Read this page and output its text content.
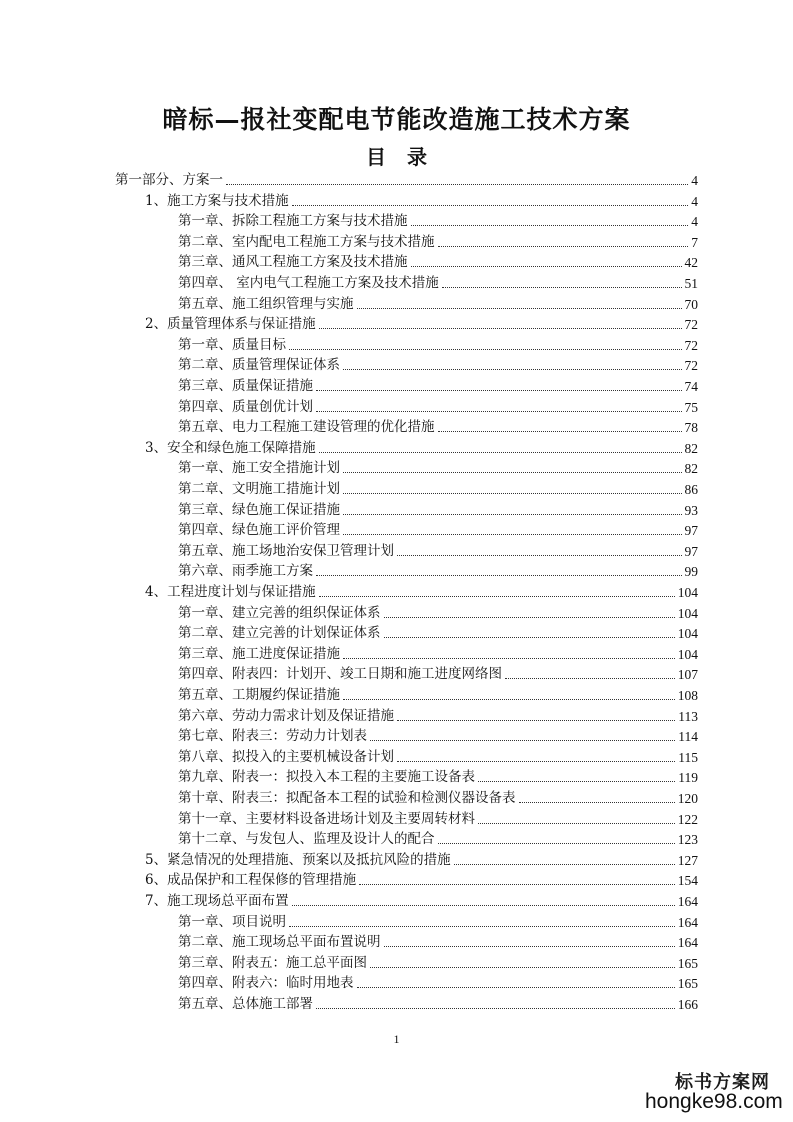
暗标—报社变配电节能改造施工技术方案
目 录
第一部分、方案一	4
1、施工方案与技术措施	4
第一章、拆除工程施工方案与技术措施	4
第二章、室内配电工程施工方案与技术措施	7
第三章、通风工程施工方案及技术措施	42
第四章、 室内电气工程施工方案及技术措施	51
第五章、施工组织管理与实施	70
2、质量管理体系与保证措施	72
第一章、质量目标	72
第二章、质量管理保证体系	72
第三章、质量保证措施	74
第四章、质量创优计划	75
第五章、电力工程施工建设管理的优化措施	78
3、安全和绿色施工保障措施	82
第一章、施工安全措施计划	82
第二章、文明施工措施计划	86
第三章、绿色施工保证措施	93
第四章、绿色施工评价管理	97
第五章、施工场地治安保卫管理计划	97
第六章、雨季施工方案	99
4、工程进度计划与保证措施	104
第一章、建立完善的组织保证体系	104
第二章、建立完善的计划保证体系	104
第三章、施工进度保证措施	104
第四章、附表四：计划开、竣工日期和施工进度网络图	107
第五章、工期履约保证措施	108
第六章、劳动力需求计划及保证措施	113
第七章、附表三：劳动力计划表	114
第八章、拟投入的主要机械设备计划	115
第九章、附表一：拟投入本工程的主要施工设备表	119
第十章、附表三：拟配备本工程的试验和检测仪器设备表	120
第十一章、主要材料设备进场计划及主要周转材料	122
第十二章、与发包人、监理及设计人的配合	123
5、紧急情况的处理措施、预案以及抵抗风险的措施	127
6、成品保护和工程保修的管理措施	154
7、施工现场总平面布置	164
第一章、项目说明	164
第二章、施工现场总平面布置说明	164
第三章、附表五：施工总平面图	165
第四章、附表六：临时用地表	165
第五章、总体施工部署	166
1
标书方案网
hongke98.com
